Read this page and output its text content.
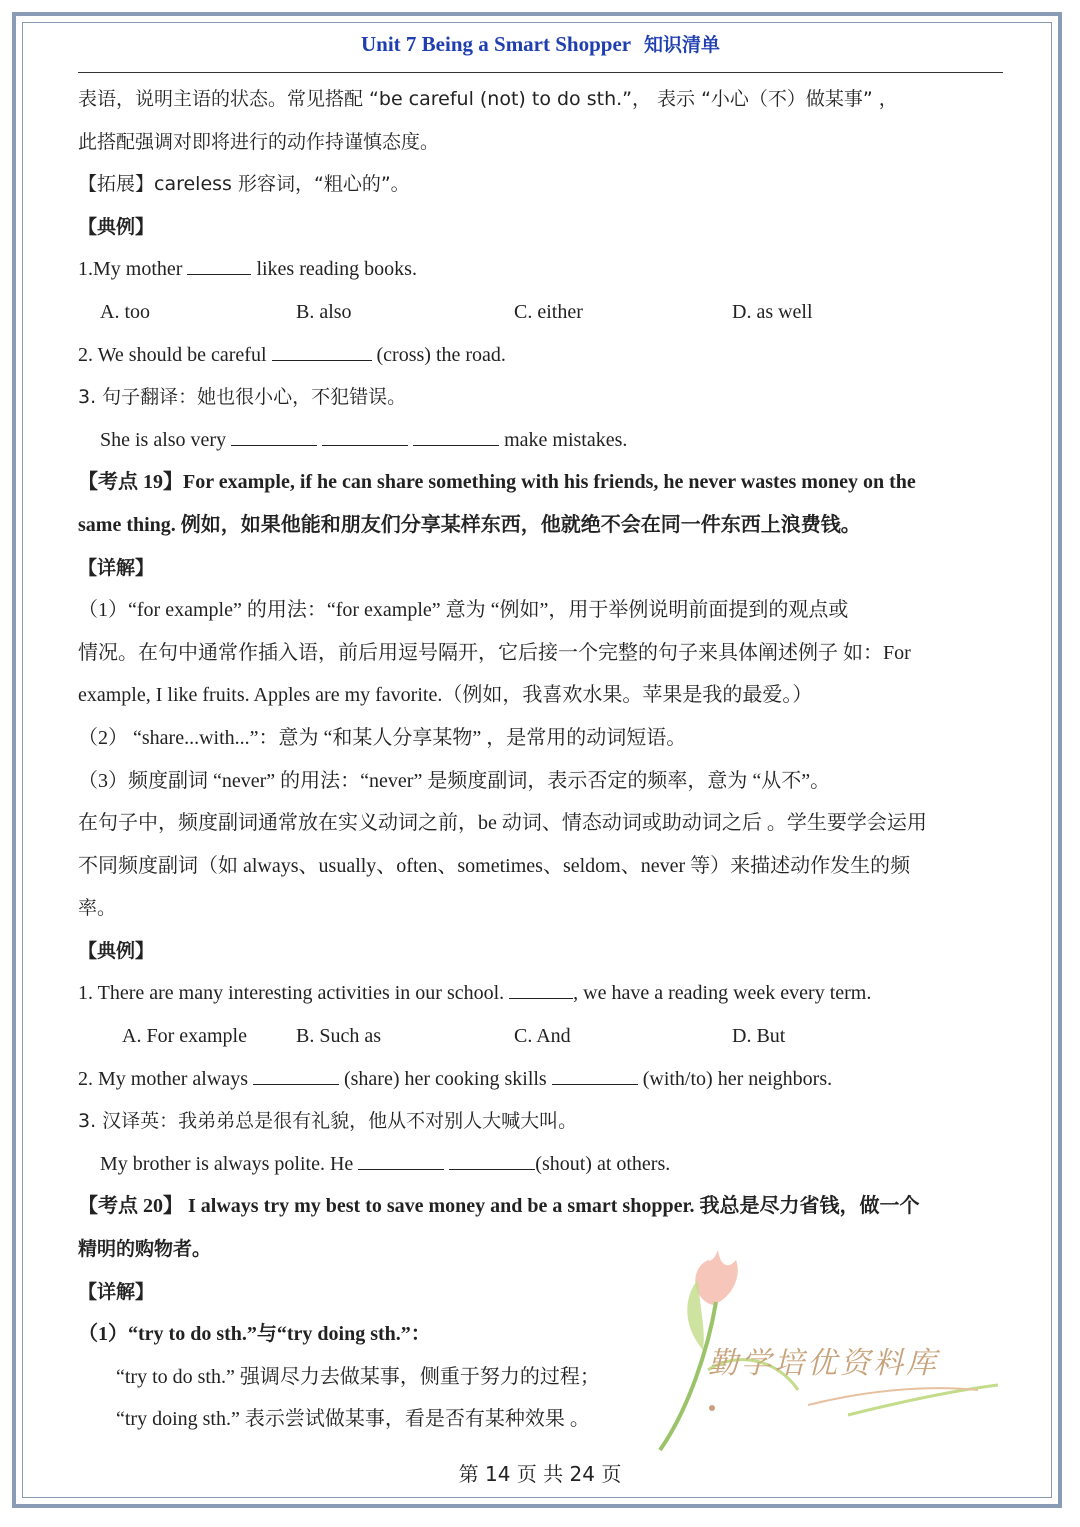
Unit 7 Being a Smart Shopper 知识清单
表语，说明主语的状态。常见搭配 “be careful (not) to do sth.”， 表示 “小心（不）做某事” ，
此搭配强调对即将进行的动作持谨慎态度。
【拓展】careless 形容词，“粗心的”。
【典例】
1.My mother	likes reading books.
A. too	B. also	C. either	D. as well
2. We should be careful	(cross) the road.
3. 句子翻译：她也很小心，不犯错误。
She is also very	make mistakes.
【考点 19】For example, if he can share something with his friends, he never wastes money on the
same thing. 例如，如果他能和朋友们分享某样东西，他就绝不会在同一件东西上浪费钱。
【详解】
（1）“for example” 的用法：“for example” 意为 “例如”，用于举例说明前面提到的观点或
情况。在句中通常作插入语，前后用逗号隔开，它后接一个完整的句子来具体阐述例子 如：For
example, I like fruits. Apples are my favorite.（例如，我喜欢水果。苹果是我的最爱。）
（2） “share...with...”：意为 “和某人分享某物” ，是常用的动词短语。
（3）频度副词 “never” 的用法：“never” 是频度副词，表示否定的频率，意为 “从不”。
在句子中，频度副词通常放在实义动词之前，be 动词、情态动词或助动词之后 。学生要学会运用
不同频度副词（如 always、usually、often、sometimes、seldom、never 等）来描述动作发生的频
率。
【典例】
1. There are many interesting activities in our school.	, we have a reading week every term.
A. For example	B. Such as	C. And	D. But
2. My mother always	(share) her cooking skills	(with/to) her neighbors.
3. 汉译英：我弟弟总是很有礼貌，他从不对别人大喊大叫。
My brother is always polite. He	(shout) at others.
【考点 20】 I always try my best to save money and be a smart shopper. 我总是尽力省钱，做一个
精明的购物者。
【详解】
（1）“try to do sth.”与“try doing sth.”：
“try to do sth.” 强调尽力去做某事，侧重于努力的过程；
“try doing sth.” 表示尝试做某事，看是否有某种效果 。
勤学培优资料库
第 14 页 共 24 页
